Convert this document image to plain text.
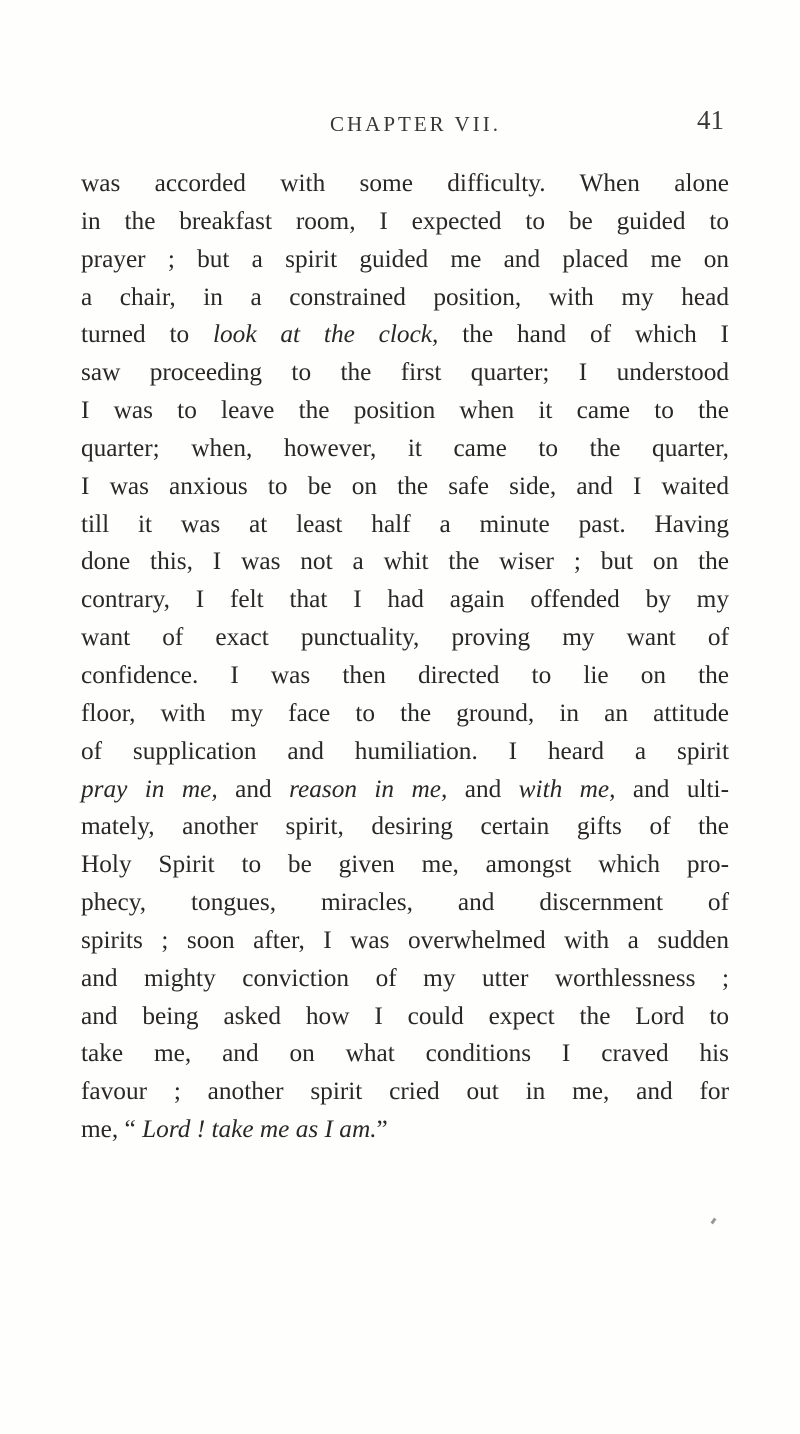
CHAPTER VII.	41
was accorded with some difficulty. When alone
in the breakfast room, I expected to be guided to
prayer ; but a spirit guided me and placed me on
a chair, in a constrained position, with my head
turned to look at the clock, the hand of which I
saw proceeding to the first quarter; I understood
I was to leave the position when it came to the
quarter; when, however, it came to the quarter,
I was anxious to be on the safe side, and I waited
till it was at least half a minute past. Having
done this, I was not a whit the wiser ; but on the
contrary, I felt that I had again offended by my
want of exact punctuality, proving my want of
confidence. I was then directed to lie on the
floor, with my face to the ground, in an attitude
of supplication and humiliation. I heard a spirit
pray in me, and reason in me, and with me, and ulti-
mately, another spirit, desiring certain gifts of the
Holy Spirit to be given me, amongst which pro-
phecy, tongues, miracles, and discernment of
spirits ; soon after, I was overwhelmed with a sudden
and mighty conviction of my utter worthlessness ;
and being asked how I could expect the Lord to
take me, and on what conditions I craved his
favour ; another spirit cried out in me, and for
me, “ Lord ! take me as I am.”
